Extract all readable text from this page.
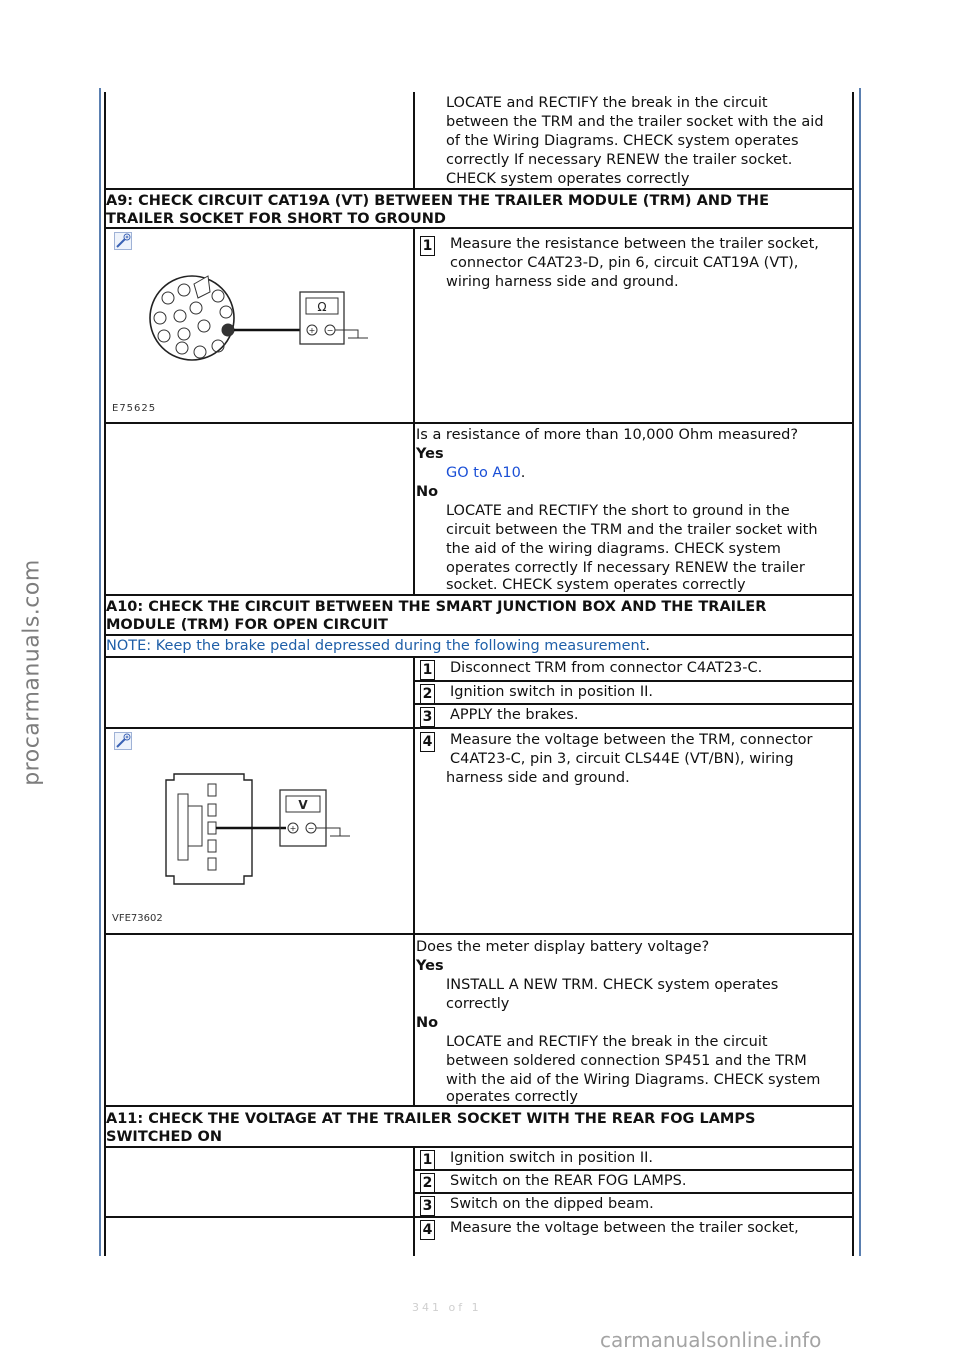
LOCATE and RECTIFY the break in the circuit
between the TRM and the trailer socket with the aid
of the Wiring Diagrams. CHECK system operates
correctly If necessary RENEW the trailer socket.
CHECK system operates correctly
A9: CHECK CIRCUIT CAT19A (VT) BETWEEN THE TRAILER MODULE (TRM) AND THE
TRAILER SOCKET FOR SHORT TO GROUND
Ω
+ −
E75625
1 Measure the resistance between the trailer socket,
connector C4AT23-D, pin 6, circuit CAT19A (VT),
wiring harness side and ground.
Is a resistance of more than 10,000 Ohm measured?
Yes
GO to A10.
No
LOCATE and RECTIFY the short to ground in the
circuit between the TRM and the trailer socket with
the aid of the wiring diagrams. CHECK system
operates correctly If necessary RENEW the trailer
socket. CHECK system operates correctly
A10: CHECK THE CIRCUIT BETWEEN THE SMART JUNCTION BOX AND THE TRAILER
MODULE (TRM) FOR OPEN CIRCUIT
NOTE: Keep the brake pedal depressed during the following measurement.
1 Disconnect TRM from connector C4AT23-C.
2 Ignition switch in position II.
3 APPLY the brakes.
V
+ −
VFE73602
4 Measure the voltage between the TRM, connector
C4AT23-C, pin 3, circuit CLS44E (VT/BN), wiring
harness side and ground.
Does the meter display battery voltage?
Yes
INSTALL A NEW TRM. CHECK system operates
correctly
No
LOCATE and RECTIFY the break in the circuit
between soldered connection SP451 and the TRM
with the aid of the Wiring Diagrams. CHECK system
operates correctly
A11: CHECK THE VOLTAGE AT THE TRAILER SOCKET WITH THE REAR FOG LAMPS
SWITCHED ON
1 Ignition switch in position II.
2 Switch on the REAR FOG LAMPS.
3 Switch on the dipped beam.
4 Measure the voltage between the trailer socket,
procarmanuals.com
341 of 1
carmanualsonline.info
